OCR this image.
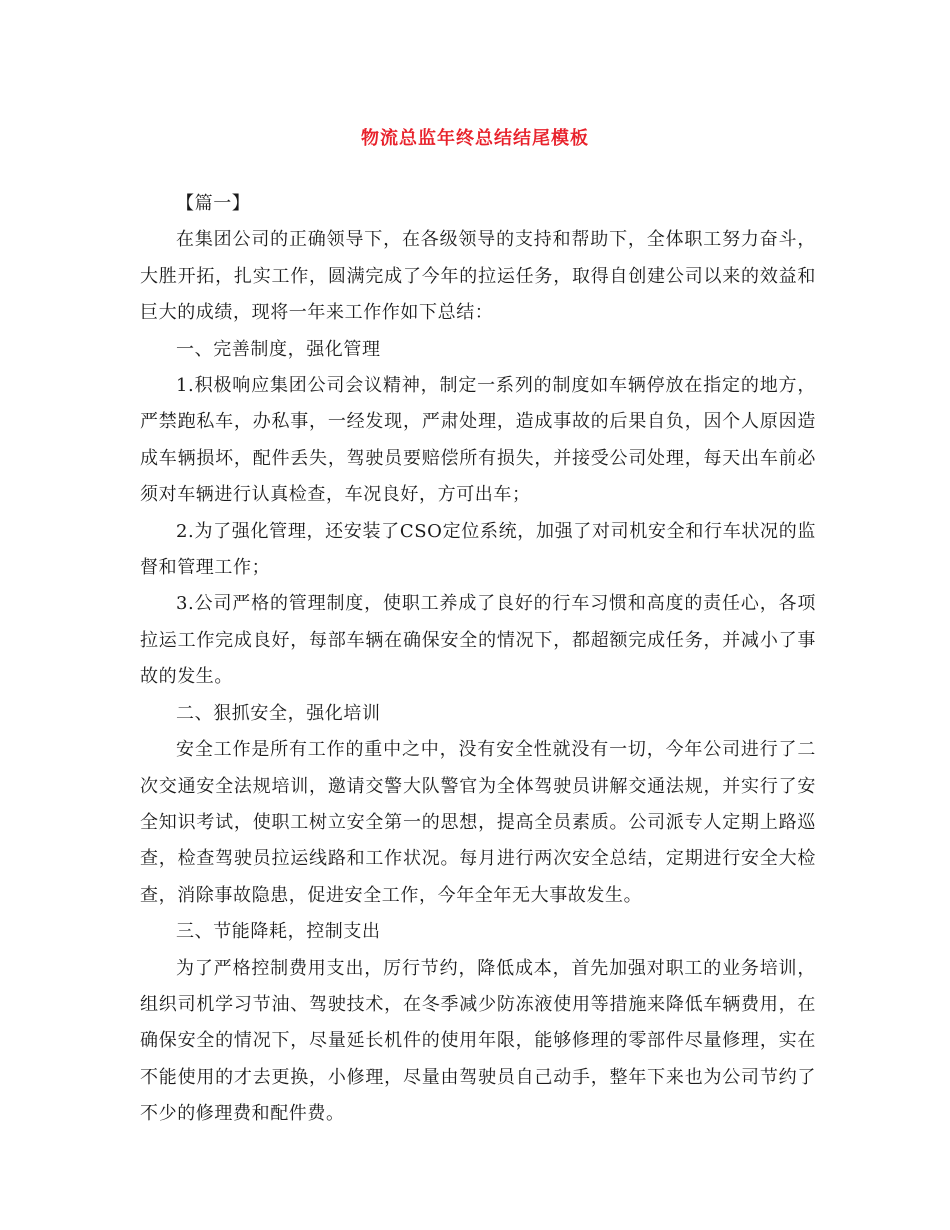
物流总监年终总结结尾模板

【篇一】

在集团公司的正确领导下，在各级领导的支持和帮助下，全体职工努力奋斗，大胜开拓，扎实工作，圆满完成了今年的拉运任务，取得自创建公司以来的效益和巨大的成绩，现将一年来工作作如下总结：

一、完善制度，强化管理

1.积极响应集团公司会议精神，制定一系列的制度如车辆停放在指定的地方，严禁跑私车，办私事，一经发现，严肃处理，造成事故的后果自负，因个人原因造成车辆损坏，配件丢失，驾驶员要赔偿所有损失，并接受公司处理，每天出车前必须对车辆进行认真检查，车况良好，方可出车；

2.为了强化管理，还安装了CSO定位系统，加强了对司机安全和行车状况的监督和管理工作；

3.公司严格的管理制度，使职工养成了良好的行车习惯和高度的责任心，各项拉运工作完成良好，每部车辆在确保安全的情况下，都超额完成任务，并减小了事故的发生。

二、狠抓安全，强化培训

安全工作是所有工作的重中之中，没有安全性就没有一切，今年公司进行了二次交通安全法规培训，邀请交警大队警官为全体驾驶员讲解交通法规，并实行了安全知识考试，使职工树立安全第一的思想，提高全员素质。公司派专人定期上路巡查，检查驾驶员拉运线路和工作状况。每月进行两次安全总结，定期进行安全大检查，消除事故隐患，促进安全工作，今年全年无大事故发生。

三、节能降耗，控制支出

为了严格控制费用支出，厉行节约，降低成本，首先加强对职工的业务培训，组织司机学习节油、驾驶技术，在冬季减少防冻液使用等措施来降低车辆费用，在确保安全的情况下，尽量延长机件的使用年限，能够修理的零部件尽量修理，实在不能使用的才去更换，小修理，尽量由驾驶员自己动手，整年下来也为公司节约了不少的修理费和配件费。
